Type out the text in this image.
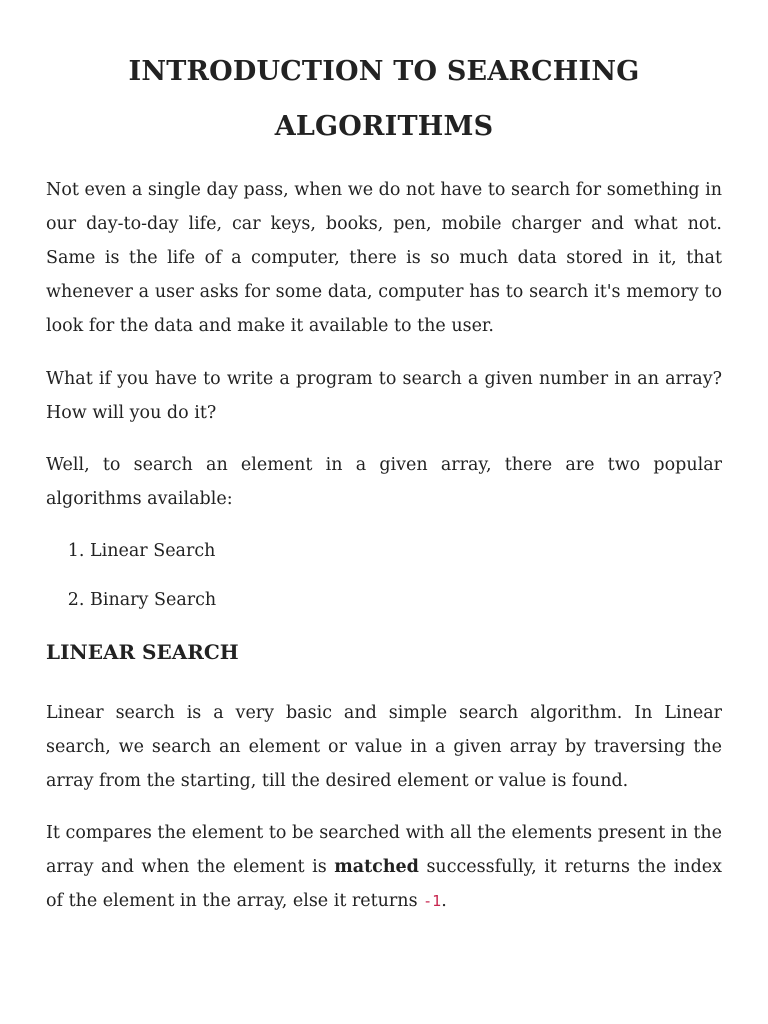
INTRODUCTION TO SEARCHING
ALGORITHMS

Not even a single day pass, when we do not have to search for something in our day-to-day life, car keys, books, pen, mobile charger and what not. Same is the life of a computer, there is so much data stored in it, that whenever a user asks for some data, computer has to search it's memory to look for the data and make it available to the user.

What if you have to write a program to search a given number in an array? How will you do it?

Well, to search an element in a given array, there are two popular algorithms available:

1. Linear Search
2. Binary Search
LINEAR SEARCH

Linear search is a very basic and simple search algorithm. In Linear search, we search an element or value in a given array by traversing the array from the starting, till the desired element or value is found.

It compares the element to be searched with all the elements present in the array and when the element is matched successfully, it returns the index of the element in the array, else it returns -1.
